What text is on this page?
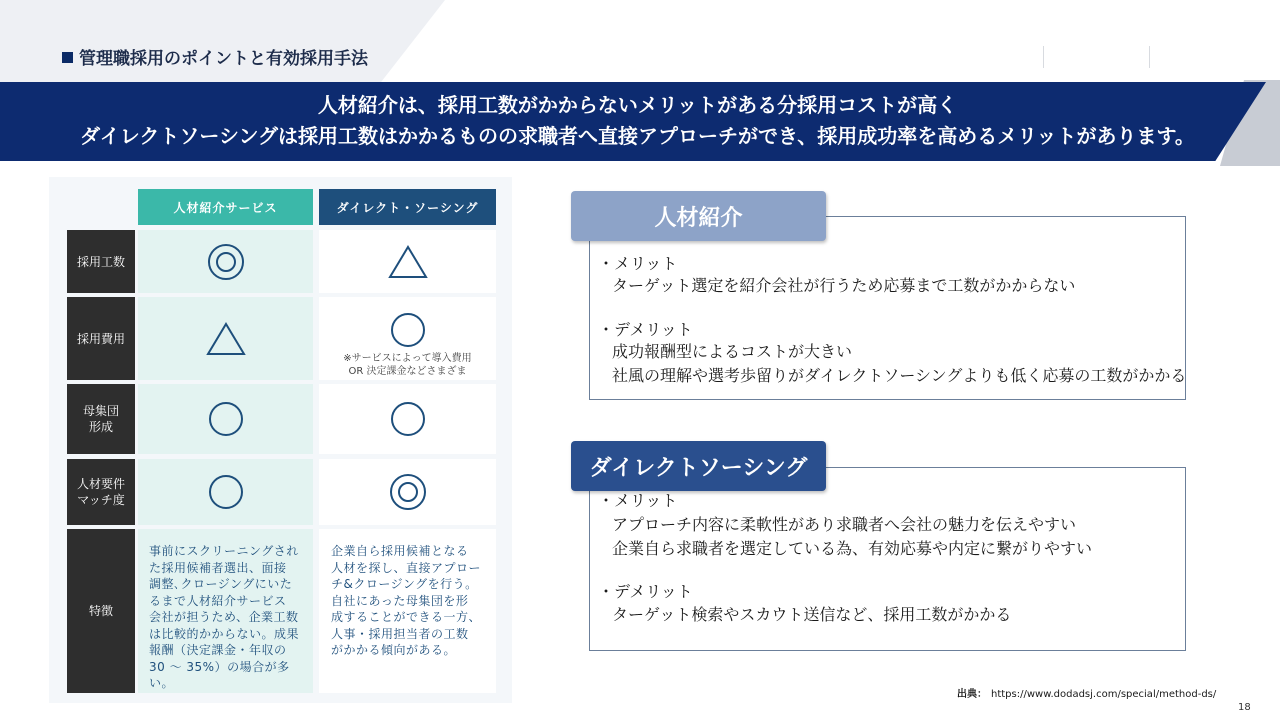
管理職採用のポイントと有効採用手法
人材紹介は、採用工数がかからないメリットがある分採用コストが高く
ダイレクトソーシングは採用工数はかかるものの求職者へ直接アプローチができ、採用成功率を高めるメリットがあります。
人材紹介サービス	ダイレクト・ソーシング
採用工数
採用費用
※サービスによって導入費用
OR 決定課金などさまざま
母集団
形成
人材要件
マッチ度
特徴
事前にスクリーニングされ
た採用候補者選出、面接
調整､クロージングにいた
るまで人材紹介サービス
会社が担うため、企業工数
は比較的かからない。成果
報酬（決定課金・年収の
30 ～ 35%）の場合が多い。
企業自ら採用候補となる
人材を探し、直接アプロー
チ&クロージングを行う。
自社にあった母集団を形
成することができる一方、
人事・採用担当者の工数
がかかる傾向がある。
・メリット
ターゲット選定を紹介会社が行うため応募まで工数がかからない
・デメリット
成功報酬型によるコストが大きい
社風の理解や選考歩留りがダイレクトソーシングよりも低く応募の工数がかかる
人材紹介
・メリット
アプローチ内容に柔軟性があり求職者へ会社の魅力を伝えやすい
企業自ら求職者を選定している為、有効応募や内定に繋がりやすい
・デメリット
ターゲット検索やスカウト送信など、採用工数がかかる
ダイレクトソーシング
出典： https://www.dodadsj.com/special/method-ds/
18
